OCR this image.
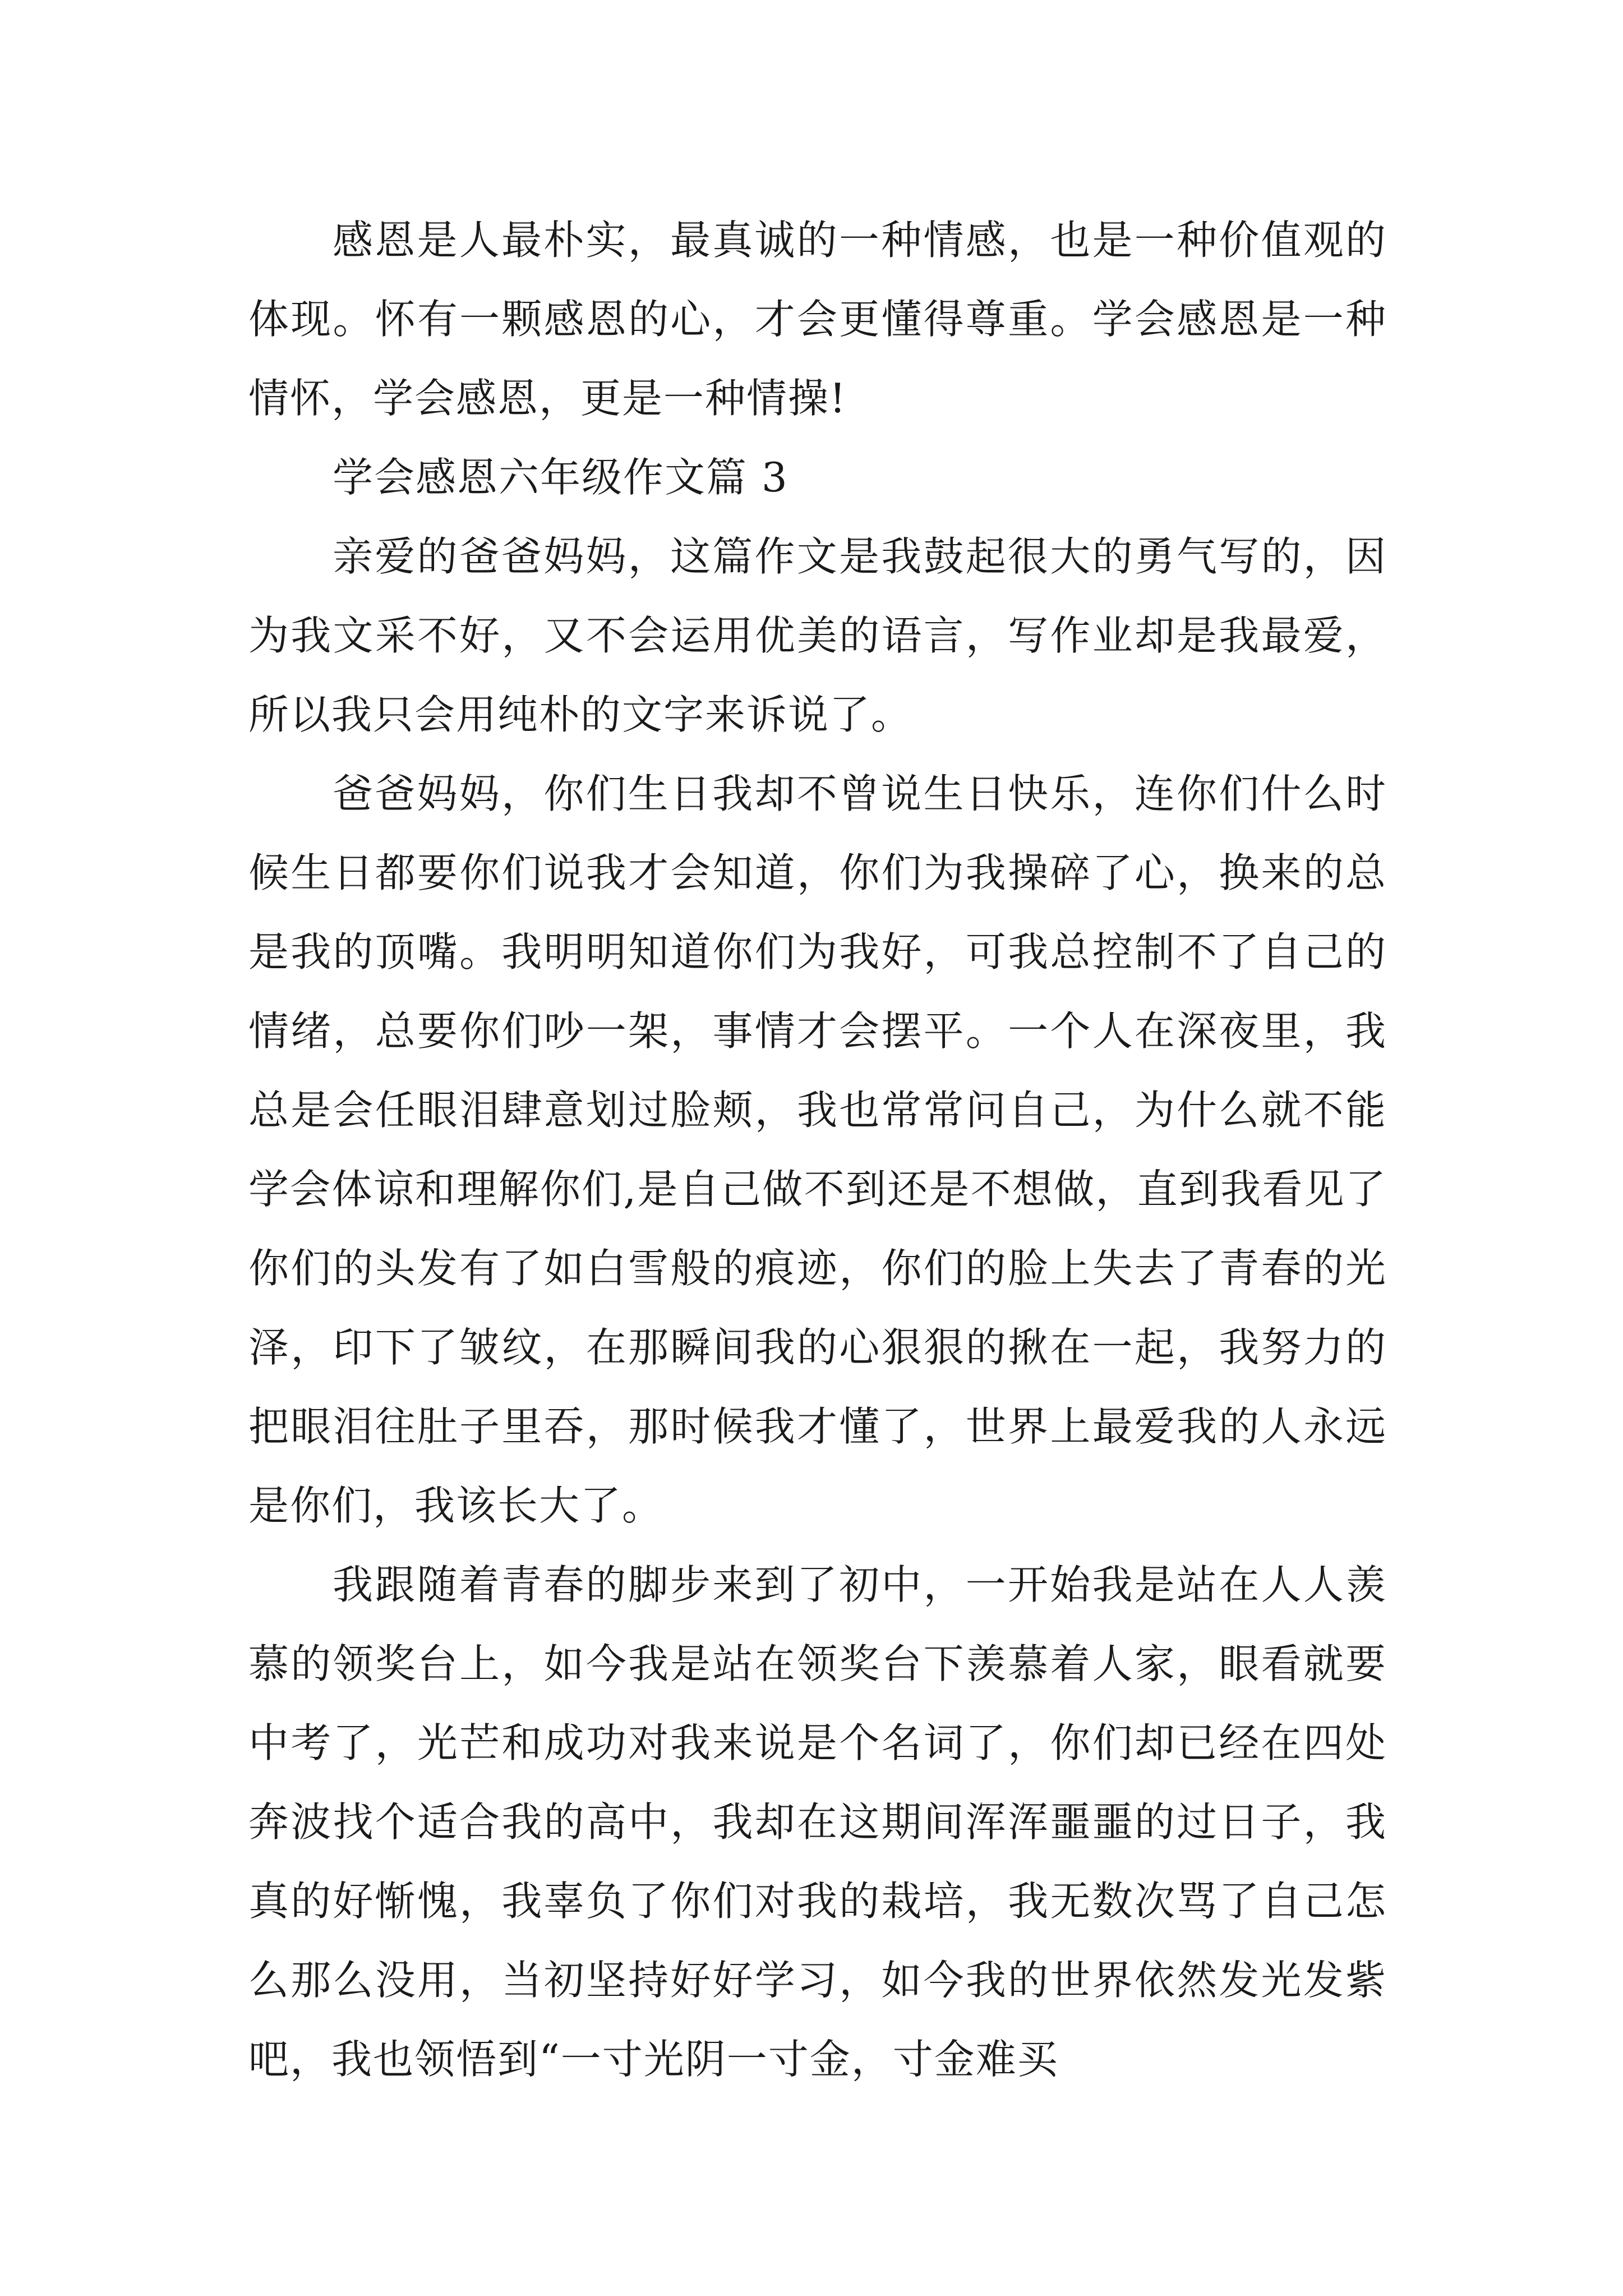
感恩是人最朴实，最真诚的一种情感，也是一种价值观的体现。怀有一颗感恩的心，才会更懂得尊重。学会感恩是一种情怀，学会感恩，更是一种情操!

学会感恩六年级作文篇 3

亲爱的爸爸妈妈，这篇作文是我鼓起很大的勇气写的，因为我文采不好，又不会运用优美的语言，写作业却是我最爱，所以我只会用纯朴的文字来诉说了。

爸爸妈妈，你们生日我却不曾说生日快乐，连你们什么时候生日都要你们说我才会知道，你们为我操碎了心，换来的总是我的顶嘴。我明明知道你们为我好，可我总控制不了自己的情绪，总要你们吵一架，事情才会摆平。一个人在深夜里，我总是会任眼泪肆意划过脸颊，我也常常问自己，为什么就不能学会体谅和理解你们,是自己做不到还是不想做，直到我看见了你们的头发有了如白雪般的痕迹，你们的脸上失去了青春的光泽，印下了皱纹，在那瞬间我的心狠狠的揪在一起，我努力的把眼泪往肚子里吞，那时候我才懂了，世界上最爱我的人永远是你们，我该长大了。

我跟随着青春的脚步来到了初中，一开始我是站在人人羡慕的领奖台上，如今我是站在领奖台下羡慕着人家，眼看就要中考了，光芒和成功对我来说是个名词了，你们却已经在四处奔波找个适合我的高中，我却在这期间浑浑噩噩的过日子，我真的好惭愧，我辜负了你们对我的栽培，我无数次骂了自己怎么那么没用，当初坚持好好学习，如今我的世界依然发光发紫吧，我也领悟到“一寸光阴一寸金，寸金难买
